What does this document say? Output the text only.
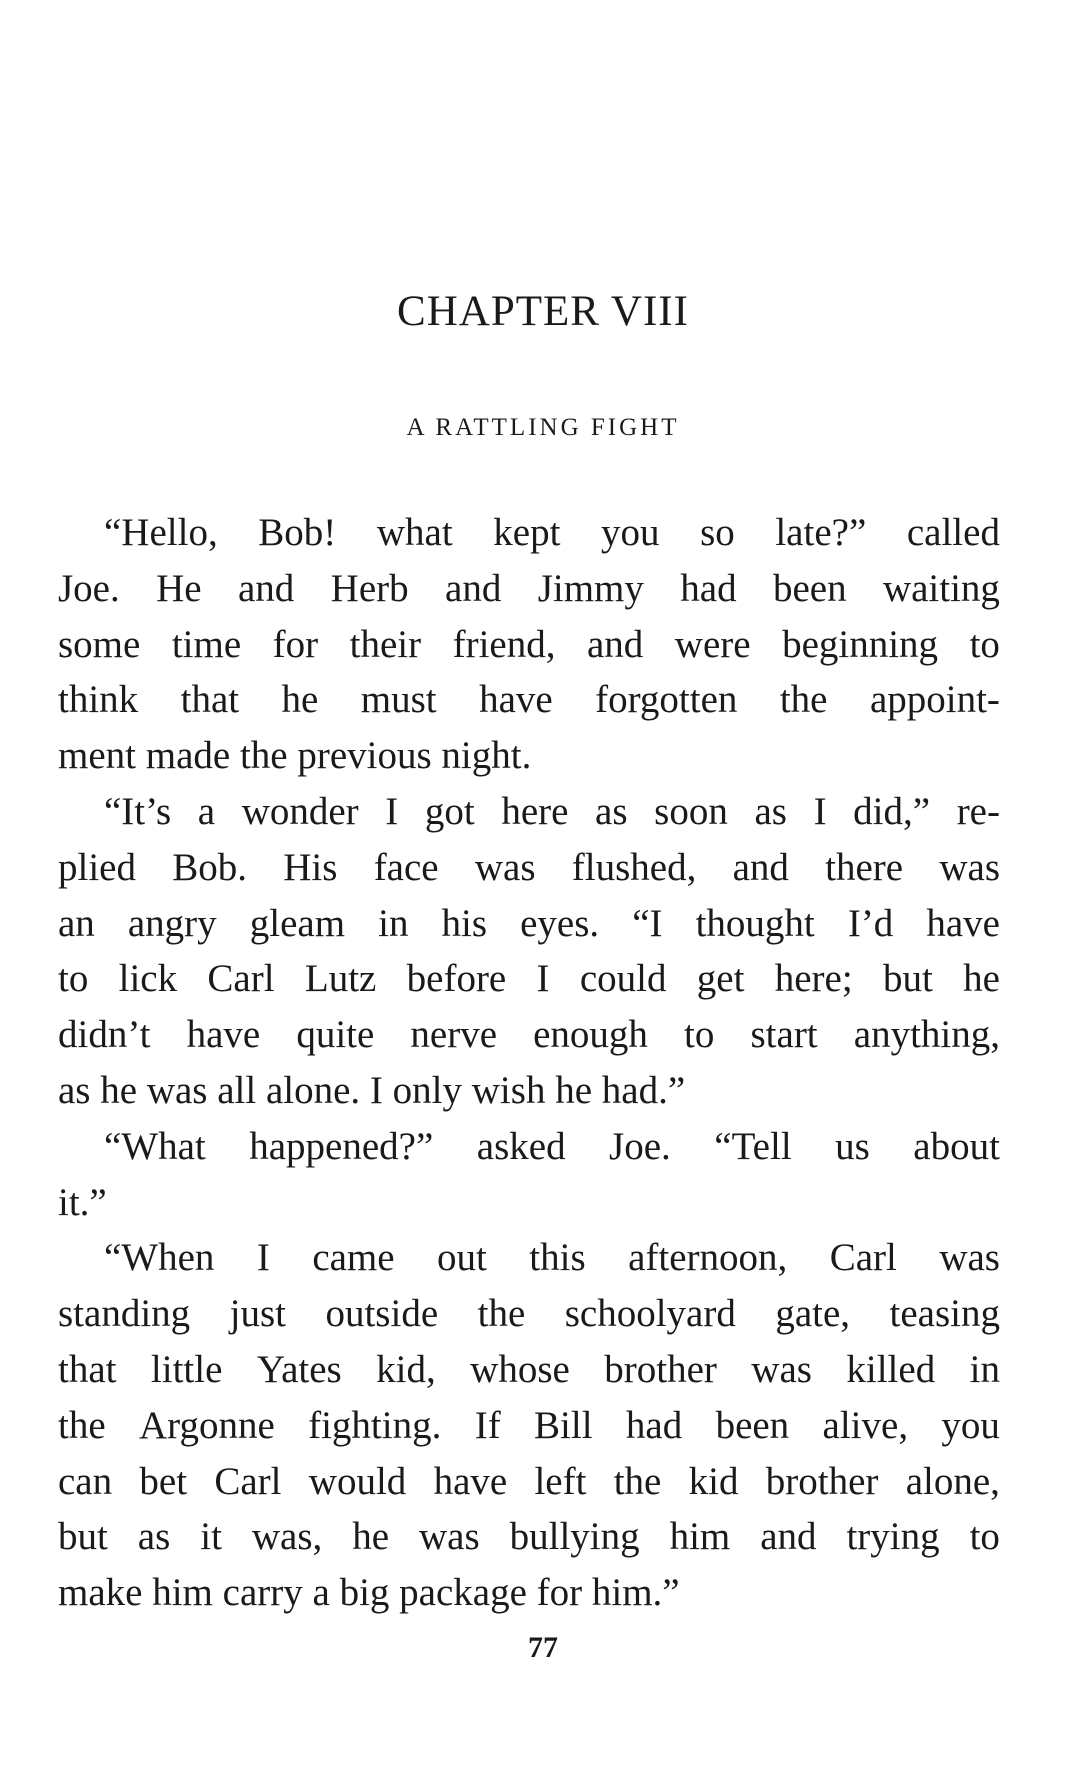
CHAPTER VIII
A RATTLING FIGHT
“Hello, Bob! what kept you so late?” called
Joe. He and Herb and Jimmy had been waiting
some time for their friend, and were beginning to
think that he must have forgotten the appoint-
ment made the previous night.
“It’s a wonder I got here as soon as I did,” re-
plied Bob. His face was flushed, and there was
an angry gleam in his eyes. “I thought I’d have
to lick Carl Lutz before I could get here; but he
didn’t have quite nerve enough to start anything,
as he was all alone. I only wish he had.”
“What happened?” asked Joe. “Tell us about
it.”
“When I came out this afternoon, Carl was
standing just outside the schoolyard gate, teasing
that little Yates kid, whose brother was killed in
the Argonne fighting. If Bill had been alive, you
can bet Carl would have left the kid brother alone,
but as it was, he was bullying him and trying to
make him carry a big package for him.”
77
